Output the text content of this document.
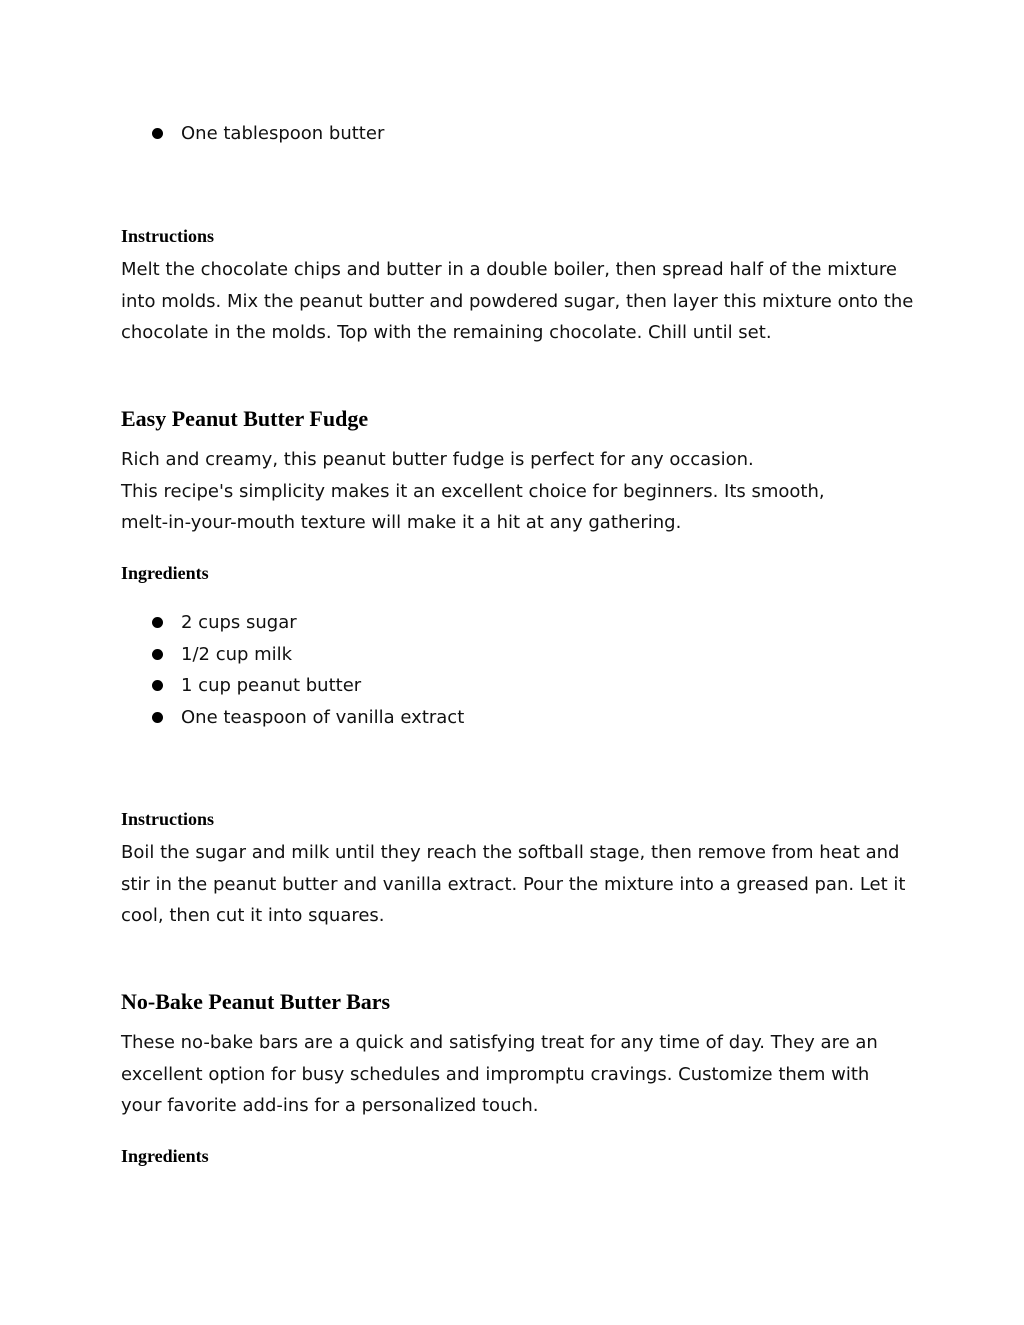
One tablespoon butter
Instructions
Melt the chocolate chips and butter in a double boiler, then spread half of the mixture
into molds. Mix the peanut butter and powdered sugar, then layer this mixture onto the
chocolate in the molds. Top with the remaining chocolate. Chill until set.
Easy Peanut Butter Fudge
Rich and creamy, this peanut butter fudge is perfect for any occasion.
This recipe's simplicity makes it an excellent choice for beginners. Its smooth,
melt-in-your-mouth texture will make it a hit at any gathering.
Ingredients
2 cups sugar
1/2 cup milk
1 cup peanut butter
One teaspoon of vanilla extract
Instructions
Boil the sugar and milk until they reach the softball stage, then remove from heat and
stir in the peanut butter and vanilla extract. Pour the mixture into a greased pan. Let it
cool, then cut it into squares.
No-Bake Peanut Butter Bars
These no-bake bars are a quick and satisfying treat for any time of day. They are an
excellent option for busy schedules and impromptu cravings. Customize them with
your favorite add-ins for a personalized touch.
Ingredients
